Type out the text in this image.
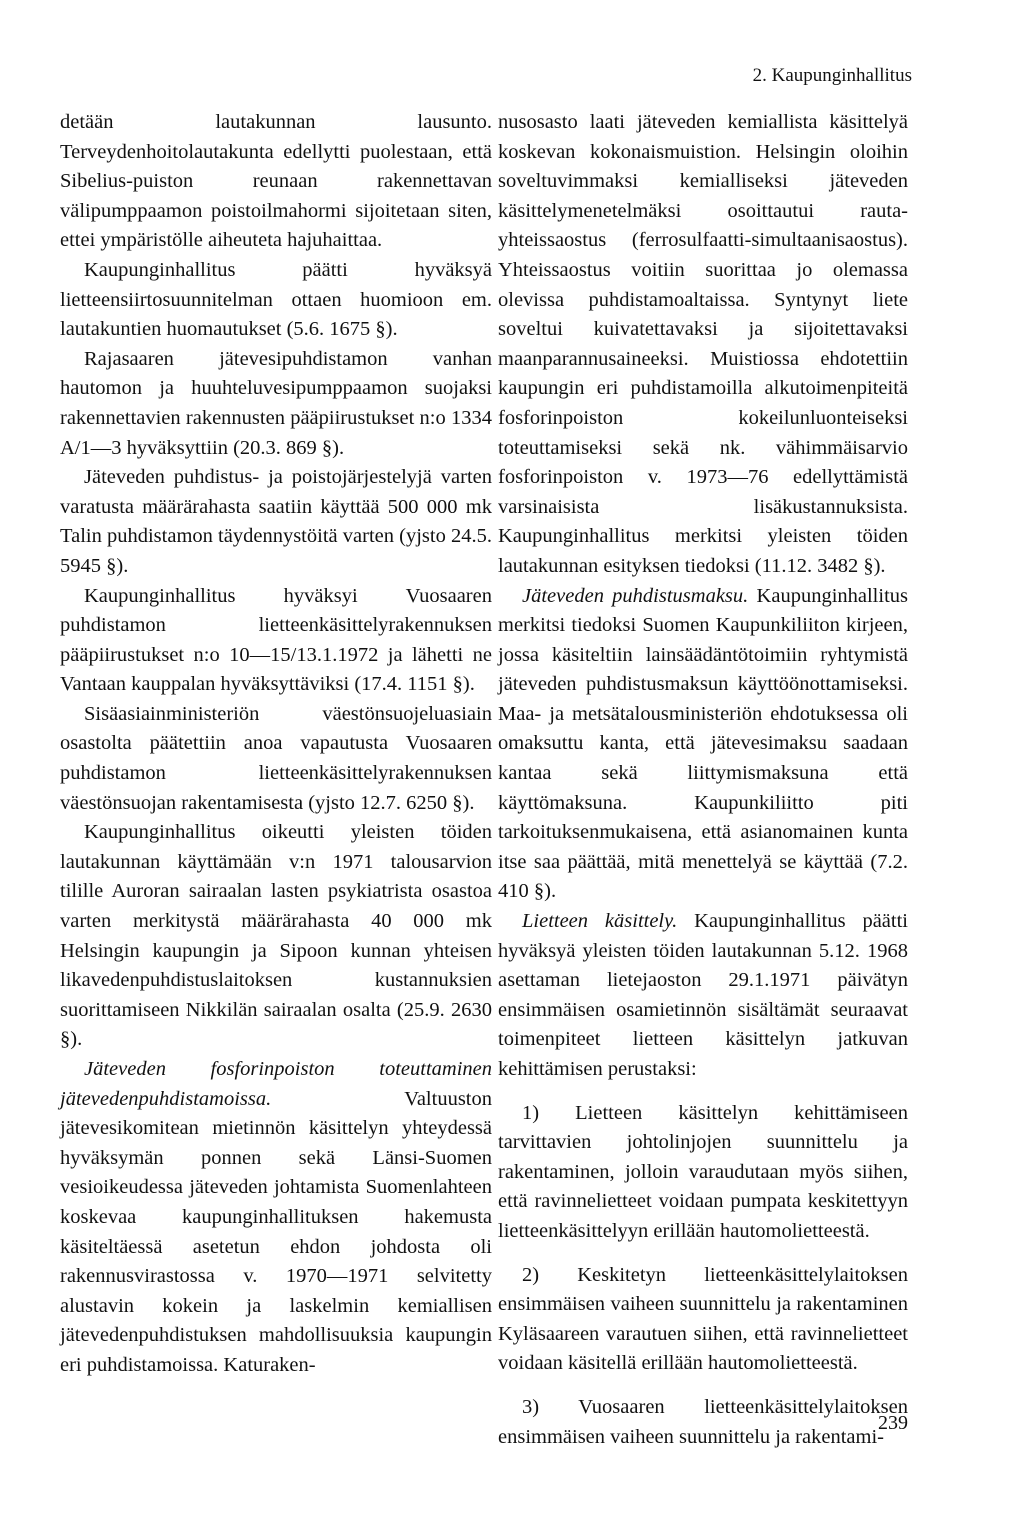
2. Kaupunginhallitus

detään lautakunnan lausunto. Terveydenhoitolautakunta edellytti puolestaan, että Sibelius-puiston reunaan rakennettavan välipumppaamon poistoilmahormi sijoitetaan siten, ettei ympäristölle aiheuteta hajuhaittaa.

Kaupunginhallitus päätti hyväksyä lietteensiirtosuunnitelman ottaen huomioon em. lautakuntien huomautukset (5.6. 1675 §).

Rajasaaren jätevesipuhdistamon vanhan hautomon ja huuhteluvesipumppaamon suojaksi rakennettavien rakennusten pääpiirustukset n:o 1334 A/1—3 hyväksyttiin (20.3. 869 §).

Jäteveden puhdistus- ja poistojärjestelyjä varten varatusta määrärahasta saatiin käyttää 500 000 mk Talin puhdistamon täydennystöitä varten (yjsto 24.5. 5945 §).

Kaupunginhallitus hyväksyi Vuosaaren puhdistamon lietteenkäsittelyrakennuksen pääpiirustukset n:o 10—15/13.1.1972 ja lähetti ne Vantaan kauppalan hyväksyttäviksi (17.4. 1151 §).

Sisäasiainministeriön väestönsuojeluasiain osastolta päätettiin anoa vapautusta Vuosaaren puhdistamon lietteenkäsittelyrakennuksen väestönsuojan rakentamisesta (yjsto 12.7. 6250 §).

Kaupunginhallitus oikeutti yleisten töiden lautakunnan käyttämään v:n 1971 talousarvion tilille Auroran sairaalan lasten psykiatrista osastoa varten merkitystä määrärahasta 40 000 mk Helsingin kaupungin ja Sipoon kunnan yhteisen likavedenpuhdistuslaitoksen kustannuksien suorittamiseen Nikkilän sairaalan osalta (25.9. 2630 §).

Jäteveden fosforinpoiston toteuttaminen jätevedenpuhdistamoissa. Valtuuston jätevesikomitean mietinnön käsittelyn yhteydessä hyväksymän ponnen sekä Länsi-Suomen vesioikeudessa jäteveden johtamista Suomenlahteen koskevaa kaupunginhallituksen hakemusta käsiteltäessä asetetun ehdon johdosta oli rakennusvirastossa v. 1970—1971 selvitetty alustavin kokein ja laskelmin kemiallisen jätevedenpuhdistuksen mahdollisuuksia kaupungin eri puhdistamoissa. Katuraken-

nusosasto laati jäteveden kemiallista käsittelyä koskevan kokonaismuistion. Helsingin oloihin soveltuvimmaksi kemialliseksi jäteveden käsittelymenetelmäksi osoittautui rauta-yhteissaostus (ferrosulfaatti-simultaanisaostus). Yhteissaostus voitiin suorittaa jo olemassa olevissa puhdistamoaltaissa. Syntynyt liete soveltui kuivatettavaksi ja sijoitettavaksi maanparannusaineeksi. Muistiossa ehdotettiin kaupungin eri puhdistamoilla alkutoimenpiteitä fosforinpoiston kokeilunluonteiseksi toteuttamiseksi sekä nk. vähimmäisarvio fosforinpoiston v. 1973—76 edellyttämistä varsinaisista lisäkustannuksista. Kaupunginhallitus merkitsi yleisten töiden lautakunnan esityksen tiedoksi (11.12. 3482 §).

Jäteveden puhdistusmaksu. Kaupunginhallitus merkitsi tiedoksi Suomen Kaupunkiliiton kirjeen, jossa käsiteltiin lainsäädäntötoimiin ryhtymistä jäteveden puhdistusmaksun käyttöönottamiseksi. Maa- ja metsätalousministeriön ehdotuksessa oli omaksuttu kanta, että jätevesimaksu saadaan kantaa sekä liittymismaksuna että käyttömaksuna. Kaupunkiliitto piti tarkoituksenmukaisena, että asianomainen kunta itse saa päättää, mitä menettelyä se käyttää (7.2. 410 §).

Lietteen käsittely. Kaupunginhallitus päätti hyväksyä yleisten töiden lautakunnan 5.12. 1968 asettaman lietejaoston 29.1.1971 päivätyn ensimmäisen osamietinnön sisältämät seuraavat toimenpiteet lietteen käsittelyn jatkuvan kehittämisen perustaksi:

1) Lietteen käsittelyn kehittämiseen tarvittavien johtolinjojen suunnittelu ja rakentaminen, jolloin varaudutaan myös siihen, että ravinnelietteet voidaan pumpata keskitettyyn lietteenkäsittelyyn erillään hautomolietteestä.

2) Keskitetyn lietteenkäsittelylaitoksen ensimmäisen vaiheen suunnittelu ja rakentaminen Kyläsaareen varautuen siihen, että ravinnelietteet voidaan käsitellä erillään hautomolietteestä.

3) Vuosaaren lietteenkäsittelylaitoksen ensimmäisen vaiheen suunnittelu ja rakentami-

239
